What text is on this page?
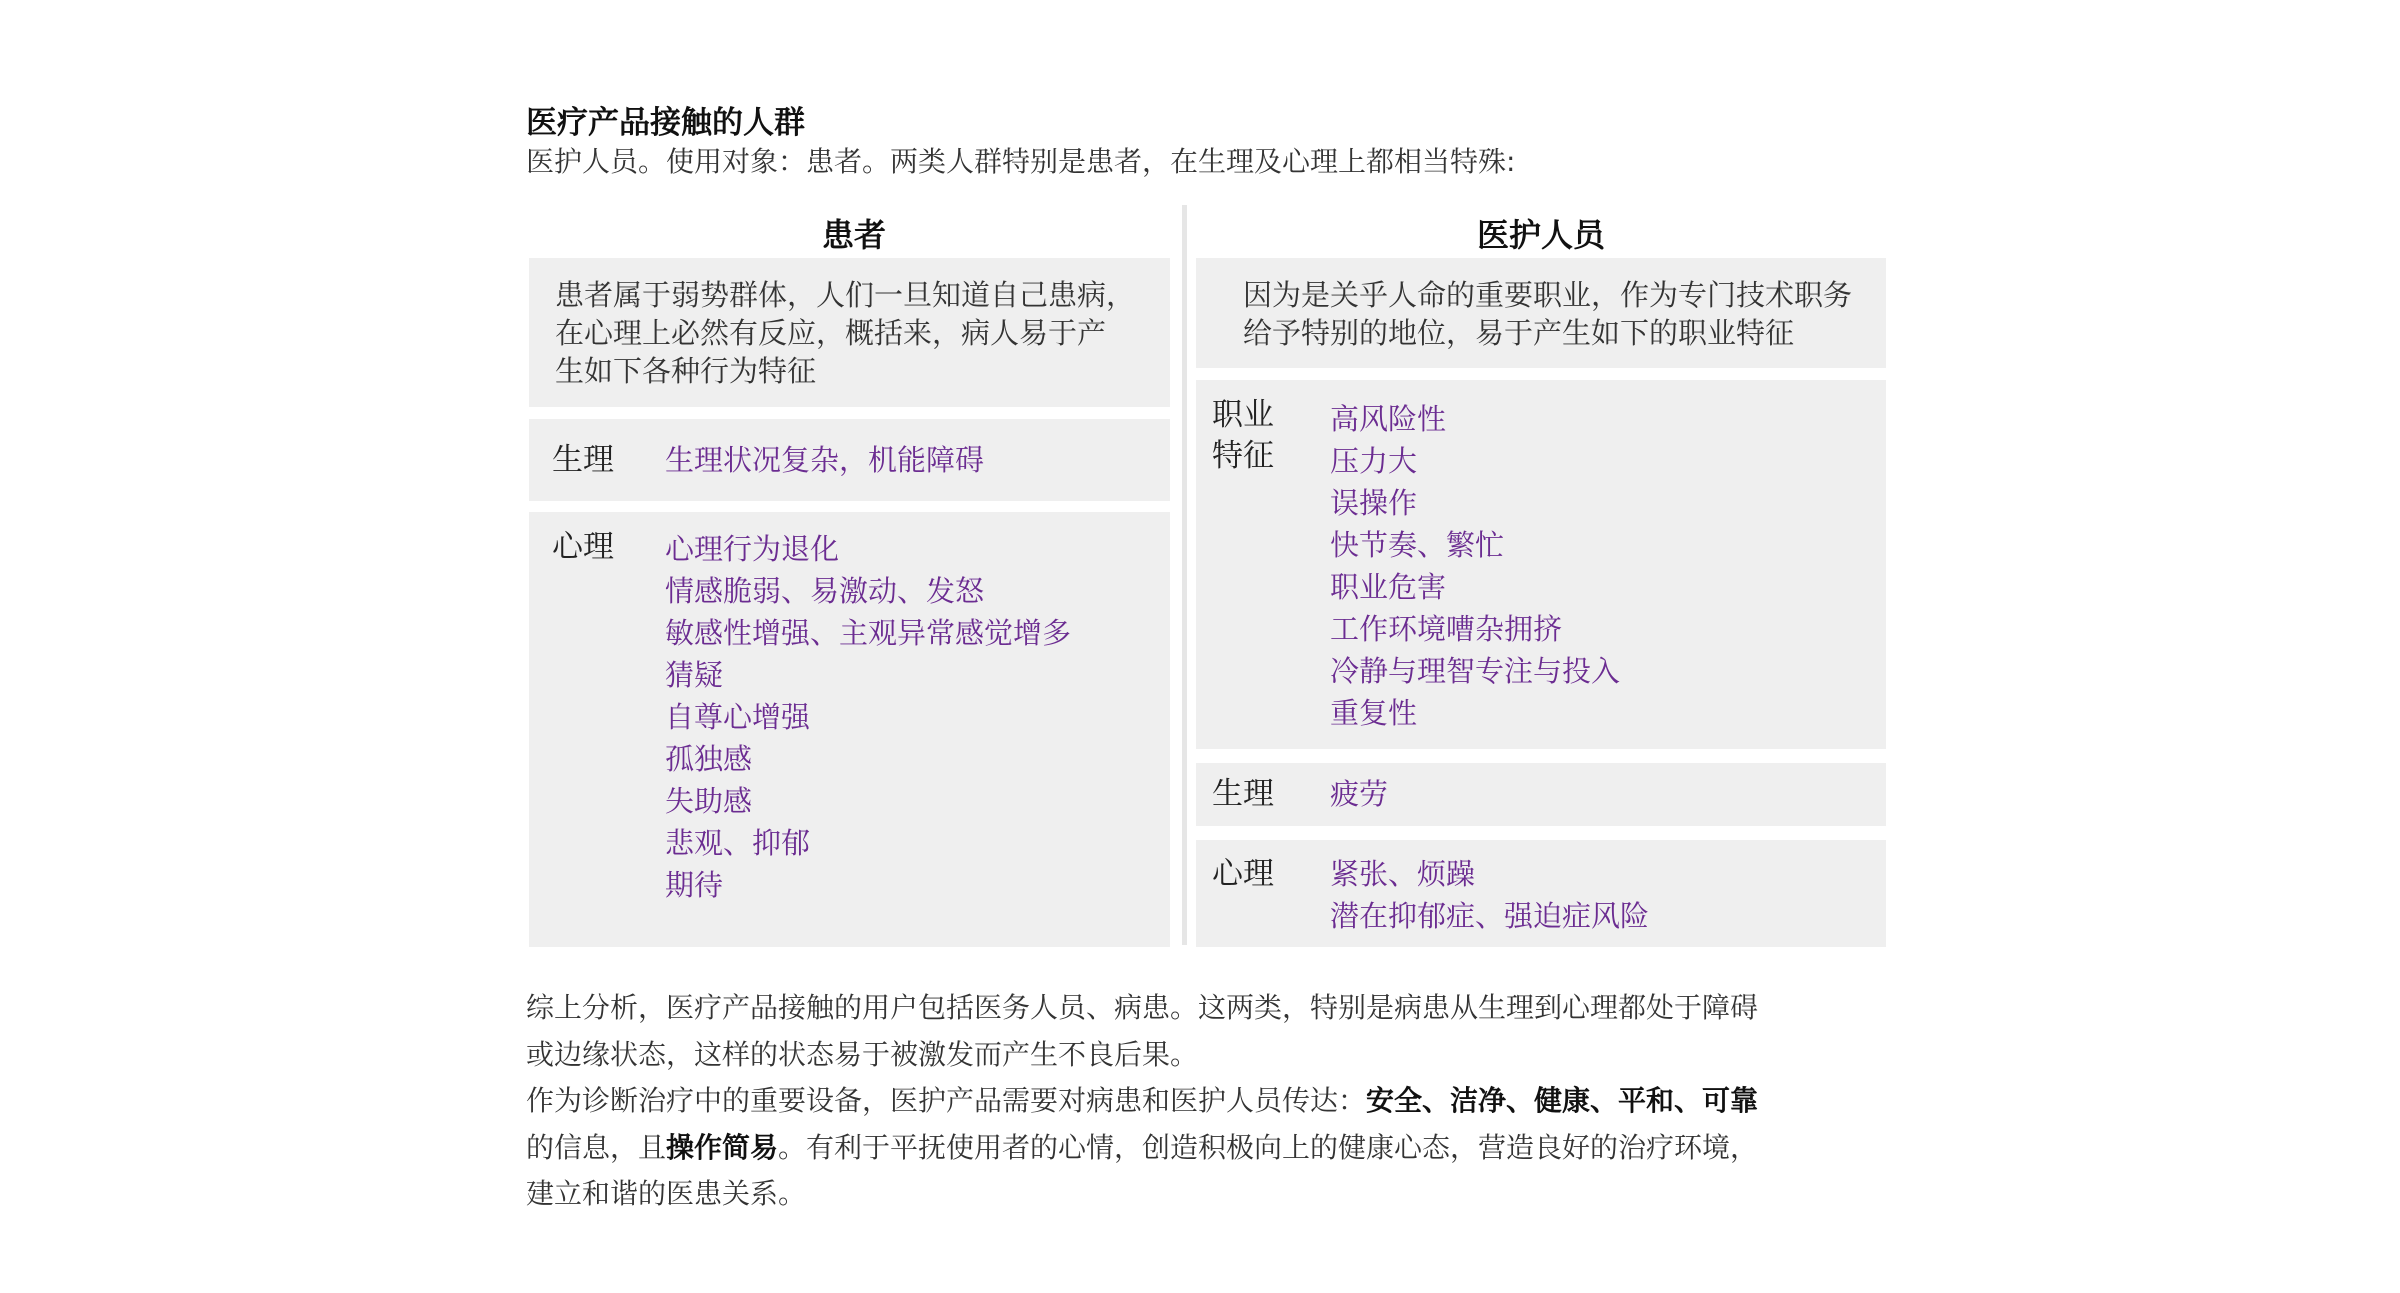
医疗产品接触的人群
医护人员。使用对象：患者。两类人群特别是患者，在生理及心理上都相当特殊:
患者	医护人员
患者属于弱势群体，人们一旦知道自己患病，
在心理上必然有反应，概括来，病人易于产
生如下各种行为特征
生理 生理状况复杂，机能障碍
心理 心理行为退化
情感脆弱、易激动、发怒
敏感性增强、主观异常感觉增多
猜疑
自尊心增强
孤独感
失助感
悲观、抑郁
期待
因为是关乎人命的重要职业，作为专门技术职务
给予特别的地位，易于产生如下的职业特征
职业
特征
高风险性
压力大
误操作
快节奏、繁忙
职业危害
工作环境嘈杂拥挤
冷静与理智专注与投入
重复性
生理 疲劳
心理 紧张、烦躁
潜在抑郁症、强迫症风险
综上分析，医疗产品接触的用户包括医务人员、病患。这两类，特别是病患从生理到心理都处于障碍
或边缘状态，这样的状态易于被激发而产生不良后果。
作为诊断治疗中的重要设备，医护产品需要对病患和医护人员传达：安全、洁净、健康、平和、可靠
的信息，且操作简易。有利于平抚使用者的心情，创造积极向上的健康心态，营造良好的治疗环境，
建立和谐的医患关系。
